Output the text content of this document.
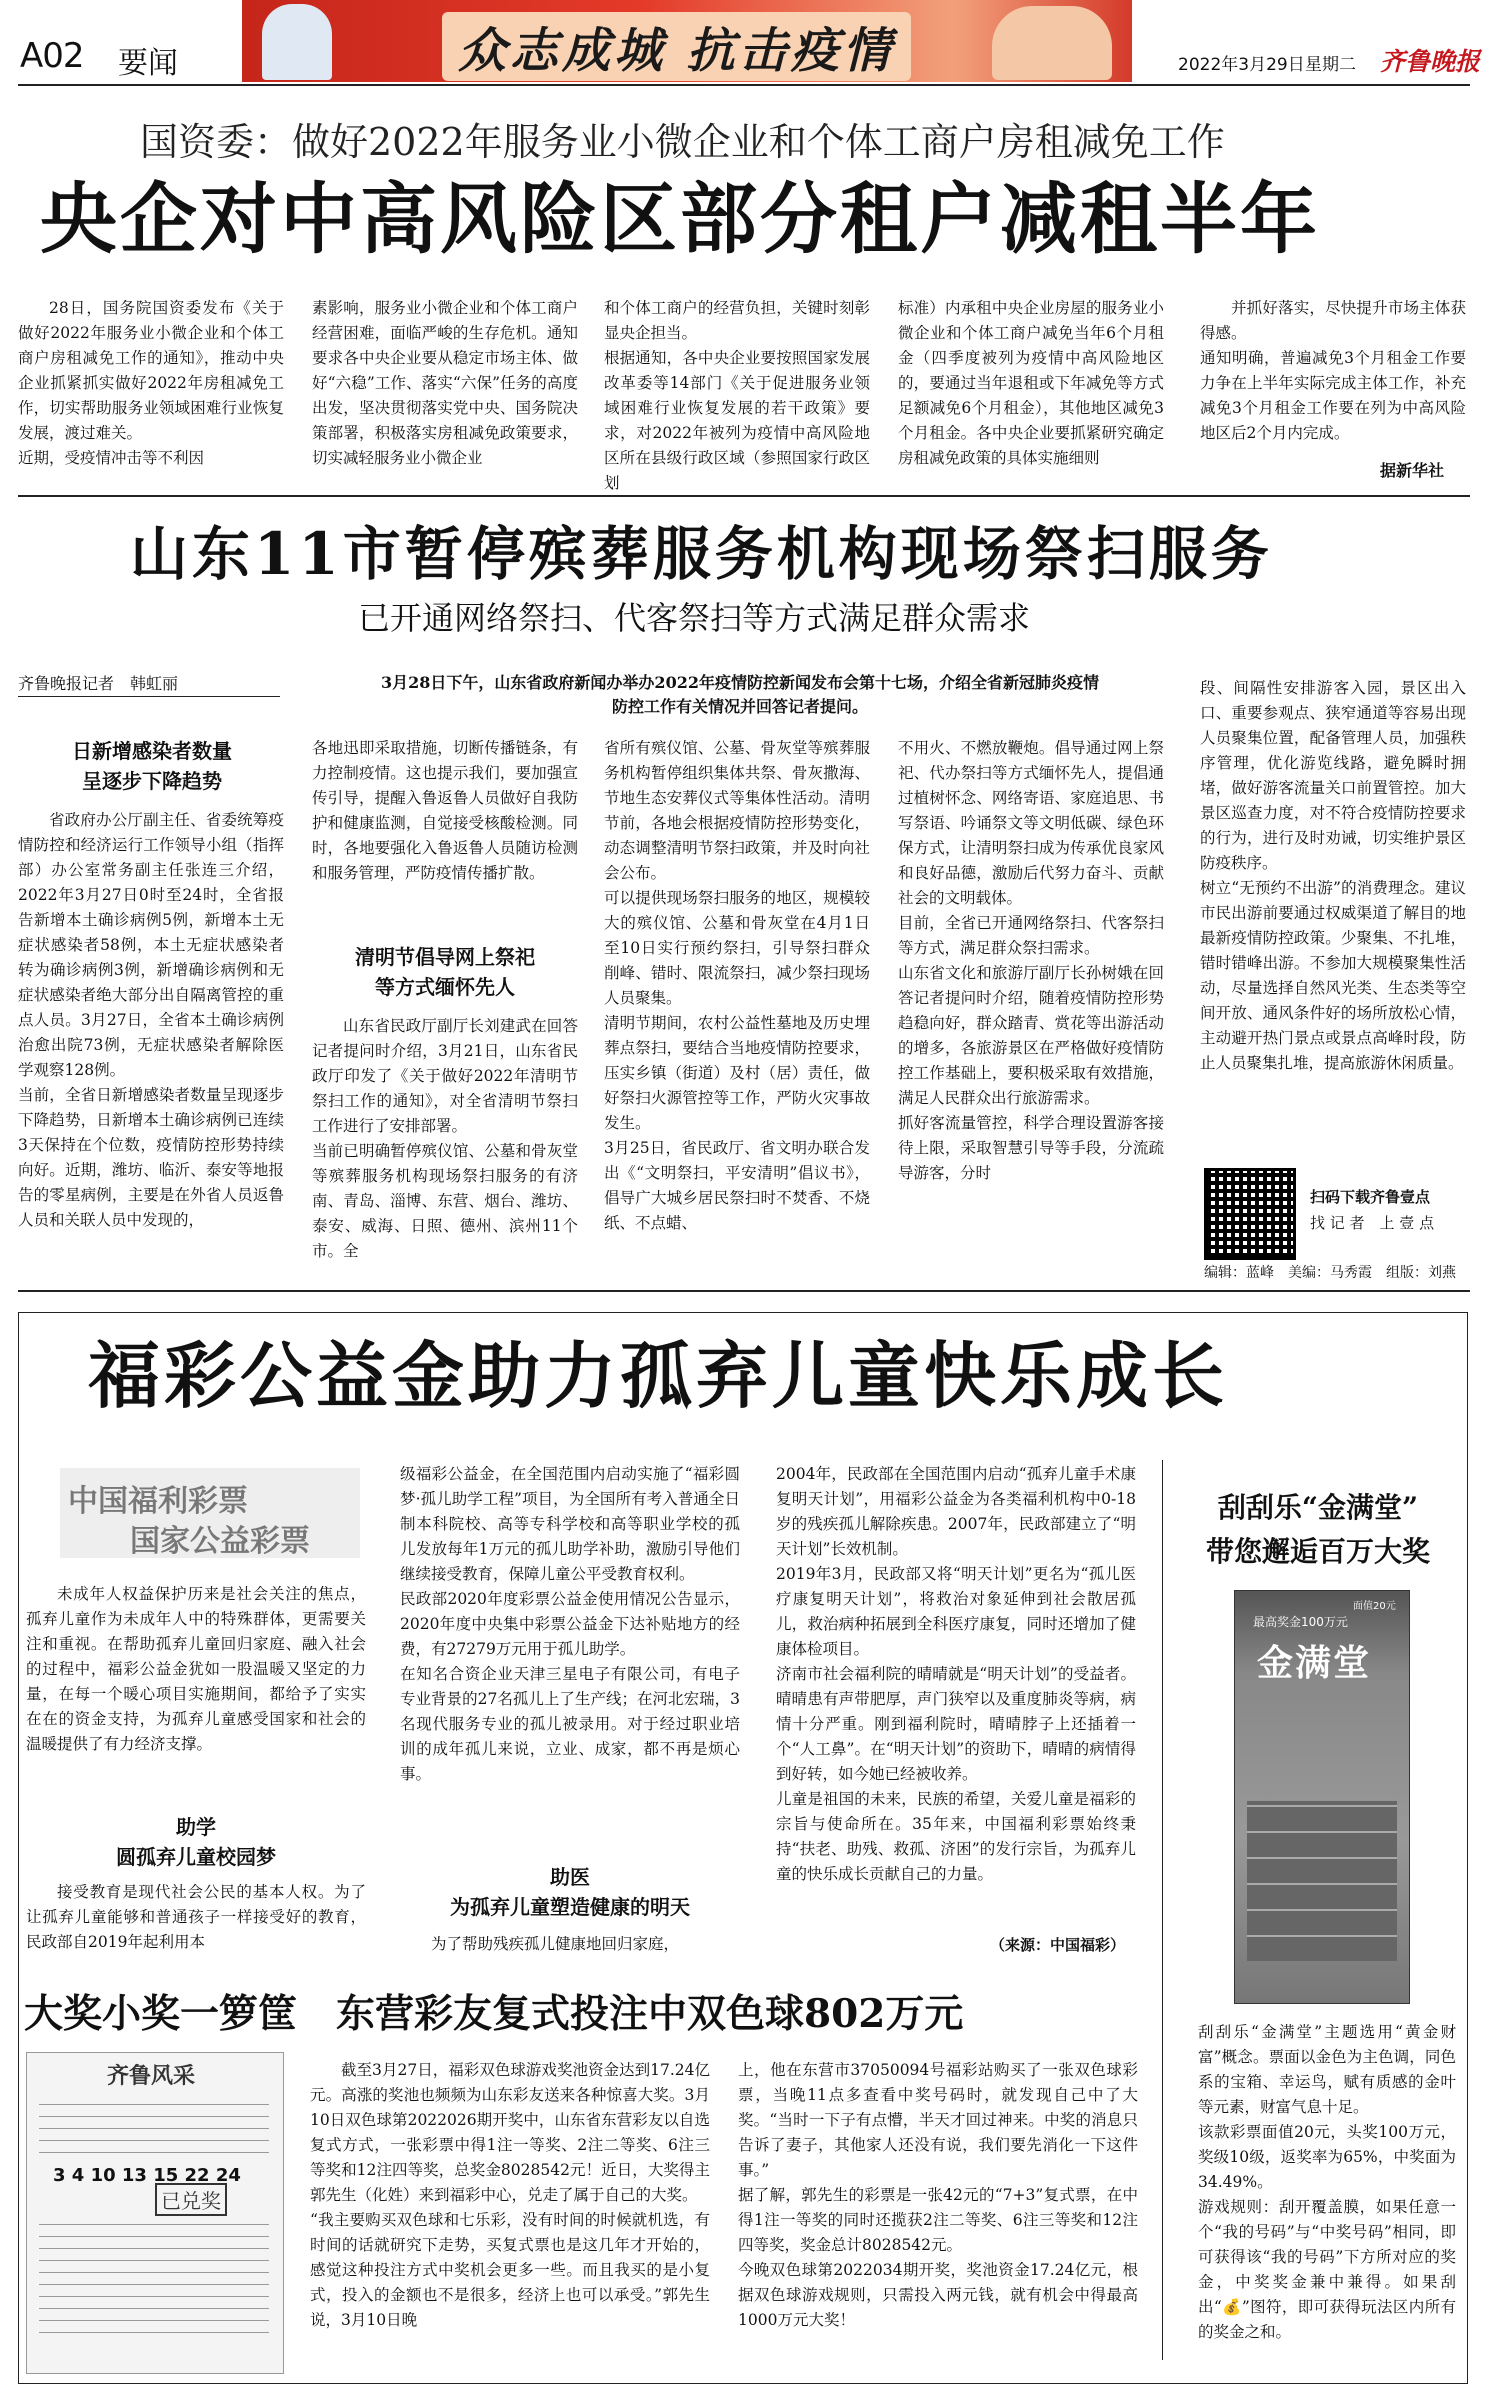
A02 要闻	众志成城 抗击疫情	2022年3月29日 星期二 齐鲁晚报
国资委：做好2022年服务业小微企业和个体工商户房租减免工作
央企对中高风险区部分租户减租半年
28日，国务院国资委发布《关于做好2022年服务业小微企业和个体工商户房租减免工作的通知》，推动中央企业抓紧抓实做好2022年房租减免工作，切实帮助服务业领域困难行业恢复发展，渡过难关。
近期，受疫情冲击等不利因
素影响，服务业小微企业和个体工商户经营困难，面临严峻的生存危机。通知要求各中央企业要从稳定市场主体、做好“六稳”工作、落实“六保”任务的高度出发，坚决贯彻落实党中央、国务院决策部署，积极落实房租减免政策要求，切实减轻服务业小微企业
和个体工商户的经营负担，关键时刻彰显央企担当。
根据通知，各中央企业要按照国家发展改革委等14部门《关于促进服务业领域困难行业恢复发展的若干政策》要求，对2022年被列为疫情中高风险地区所在县级行政区域（参照国家行政区划
标准）内承租中央企业房屋的服务业小微企业和个体工商户减免当年6个月租金（四季度被列为疫情中高风险地区的，要通过当年退租或下年减免等方式足额减免6个月租金），其他地区减免3个月租金。各中央企业要抓紧研究确定房租减免政策的具体实施细则
并抓好落实，尽快提升市场主体获得感。
通知明确，普遍减免3个月租金工作要力争在上半年实际完成主体工作，补充减免3个月租金工作要在列为中高风险地区后2个月内完成。
据新华社
山东11市暂停殡葬服务机构现场祭扫服务
已开通网络祭扫、代客祭扫等方式满足群众需求
齐鲁晚报记者　韩虹丽	3月28日下午，山东省政府新闻办举办2022年疫情防控新闻发布会第十七场，介绍全省新冠肺炎疫情防控工作有关情况并回答记者提问。
日新增感染者数量
呈逐步下降趋势
省政府办公厅副主任、省委统筹疫情防控和经济运行工作领导小组（指挥部）办公室常务副主任张连三介绍，2022年3月27日0时至24时，全省报告新增本土确诊病例5例，新增本土无症状感染者58例，本土无症状感染者转为确诊病例3例，新增确诊病例和无症状感染者绝大部分出自隔离管控的重点人员。3月27日，全省本土确诊病例治愈出院73例，无症状感染者解除医学观察128例。
当前，全省日新增感染者数量呈现逐步下降趋势，日新增本土确诊病例已连续3天保持在个位数，疫情防控形势持续向好。近期，潍坊、临沂、泰安等地报告的零星病例，主要是在外省人员返鲁人员和关联人员中发现的，
各地迅即采取措施，切断传播链条，有力控制疫情。这也提示我们，要加强宣传引导，提醒入鲁返鲁人员做好自我防护和健康监测，自觉接受核酸检测。同时，各地要强化入鲁返鲁人员随访检测和服务管理，严防疫情传播扩散。
清明节倡导网上祭祀
等方式缅怀先人
山东省民政厅副厅长刘建武在回答记者提问时介绍，3月21日，山东省民政厅印发了《关于做好2022年清明节祭扫工作的通知》，对全省清明节祭扫工作进行了安排部署。
当前已明确暂停殡仪馆、公墓和骨灰堂等殡葬服务机构现场祭扫服务的有济南、青岛、淄博、东营、烟台、潍坊、泰安、威海、日照、德州、滨州11个市。全
省所有殡仪馆、公墓、骨灰堂等殡葬服务机构暂停组织集体共祭、骨灰撒海、节地生态安葬仪式等集体性活动。清明节前，各地会根据疫情防控形势变化，动态调整清明节祭扫政策，并及时向社会公布。
可以提供现场祭扫服务的地区，规模较大的殡仪馆、公墓和骨灰堂在4月1日至10日实行预约祭扫，引导祭扫群众削峰、错时、限流祭扫，减少祭扫现场人员聚集。
清明节期间，农村公益性墓地及历史埋葬点祭扫，要结合当地疫情防控要求，压实乡镇（街道）及村（居）责任，做好祭扫火源管控等工作，严防火灾事故发生。
3月25日，省民政厅、省文明办联合发出《“文明祭扫，平安清明”倡议书》，倡导广大城乡居民祭扫时不焚香、不烧纸、不点蜡、
不用火、不燃放鞭炮。倡导通过网上祭祀、代办祭扫等方式缅怀先人，提倡通过植树怀念、网络寄语、家庭追思、书写祭语、吟诵祭文等文明低碳、绿色环保方式，让清明祭扫成为传承优良家风和良好品德，激励后代努力奋斗、贡献社会的文明载体。
目前，全省已开通网络祭扫、代客祭扫等方式，满足群众祭扫需求。
山东省文化和旅游厅副厅长孙树娥在回答记者提问时介绍，随着疫情防控形势趋稳向好，群众踏青、赏花等出游活动的增多，各旅游景区在严格做好疫情防控工作基础上，要积极采取有效措施，满足人民群众出行旅游需求。
抓好客流量管控，科学合理设置游客接待上限，采取智慧引导等手段，分流疏导游客，分时
段、间隔性安排游客入园，景区出入口、重要参观点、狭窄通道等容易出现人员聚集位置，配备管理人员，加强秩序管理，优化游览线路，避免瞬时拥堵，做好游客流量关口前置管控。加大景区巡查力度，对不符合疫情防控要求的行为，进行及时劝诫，切实维护景区防疫秩序。
树立“无预约不出游”的消费理念。建议市民出游前要通过权威渠道了解目的地最新疫情防控政策。少聚集、不扎堆，错时错峰出游。不参加大规模聚集性活动，尽量选择自然风光类、生态类等空间开放、通风条件好的场所放松心情，主动避开热门景点或景点高峰时段，防止人员聚集扎堆，提高旅游休闲质量。
扫码下载齐鲁壹点
找 记 者　上 壹 点
编辑：蓝峰　美编：马秀霞　组版：刘燕
福彩公益金助力孤弃儿童快乐成长
中国福利彩票
国家公益彩票
未成年人权益保护历来是社会关注的焦点，孤弃儿童作为未成年人中的特殊群体，更需要关注和重视。在帮助孤弃儿童回归家庭、融入社会的过程中，福彩公益金犹如一股温暖又坚定的力量，在每一个暖心项目实施期间，都给予了实实在在的资金支持，为孤弃儿童感受国家和社会的温暖提供了有力经济支撑。
助学
圆孤弃儿童校园梦
接受教育是现代社会公民的基本人权。为了让孤弃儿童能够和普通孩子一样接受好的教育，民政部自2019年起利用本
级福彩公益金，在全国范围内启动实施了“福彩圆梦·孤儿助学工程”项目，为全国所有考入普通全日制本科院校、高等专科学校和高等职业学校的孤儿发放每年1万元的孤儿助学补助，激励引导他们继续接受教育，保障儿童公平受教育权利。
民政部2020年度彩票公益金使用情况公告显示，2020年度中央集中彩票公益金下达补贴地方的经费，有27279万元用于孤儿助学。
在知名合资企业天津三星电子有限公司，有电子专业背景的27名孤儿上了生产线；在河北宏瑞，3名现代服务专业的孤儿被录用。对于经过职业培训的成年孤儿来说，立业、成家，都不再是烦心事。
助医
为孤弃儿童塑造健康的明天
为了帮助残疾孤儿健康地回归家庭，
2004年，民政部在全国范围内启动“孤弃儿童手术康复明天计划”，用福彩公益金为各类福利机构中0-18岁的残疾孤儿解除疾患。2007年，民政部建立了“明天计划”长效机制。
2019年3月，民政部又将“明天计划”更名为“孤儿医疗康复明天计划”，将救治对象延伸到社会散居孤儿，救治病种拓展到全科医疗康复，同时还增加了健康体检项目。
济南市社会福利院的晴晴就是“明天计划”的受益者。晴晴患有声带肥厚，声门狭窄以及重度肺炎等病，病情十分严重。刚到福利院时，晴晴脖子上还插着一个“人工鼻”。在“明天计划”的资助下，晴晴的病情得到好转，如今她已经被收养。
儿童是祖国的未来，民族的希望，关爱儿童是福彩的宗旨与使命所在。35年来，中国福利彩票始终秉持“扶老、助残、救孤、济困”的发行宗旨，为孤弃儿童的快乐成长贡献自己的力量。
（来源：中国福彩）
刮刮乐“金满堂”
带您邂逅百万大奖
最高奖金100万元
面值20元
金满堂
刮刮乐“金满堂”主题选用“黄金财富”概念。票面以金色为主色调，同色系的宝箱、幸运鸟，赋有质感的金叶等元素，财富气息十足。
该款彩票面值20元，头奖100万元，奖级10级，返奖率为65%，中奖面为34.49%。
游戏规则：刮开覆盖膜，如果任意一个“我的号码”与“中奖号码”相同，即可获得该“我的号码”下方所对应的奖金，中奖奖金兼中兼得。如果刮出“💰”图符，即可获得玩法区内所有的奖金之和。
大奖小奖一箩筐　东营彩友复式投注中双色球802万元
齐鲁风采
3 4 10 13 15 22 24
已兑奖
截至3月27日，福彩双色球游戏奖池资金达到17.24亿元。高涨的奖池也频频为山东彩友送来各种惊喜大奖。3月10日双色球第2022026期开奖中，山东省东营彩友以自选复式方式，一张彩票中得1注一等奖、2注二等奖、6注三等奖和12注四等奖，总奖金8028542元！近日，大奖得主郭先生（化姓）来到福彩中心，兑走了属于自己的大奖。
“我主要购买双色球和七乐彩，没有时间的时候就机选，有时间的话就研究下走势，买复式票也是这几年才开始的，感觉这种投注方式中奖机会更多一些。而且我买的是小复式，投入的金额也不是很多，经济上也可以承受。”郭先生说，3月10日晚
上，他在东营市37050094号福彩站购买了一张双色球彩票，当晚11点多查看中奖号码时，就发现自己中了大奖。“当时一下子有点懵，半天才回过神来。中奖的消息只告诉了妻子，其他家人还没有说，我们要先消化一下这件事。”
据了解，郭先生的彩票是一张42元的“7+3”复式票，在中得1注一等奖的同时还揽获2注二等奖、6注三等奖和12注四等奖，奖金总计8028542元。
今晚双色球第2022034期开奖，奖池资金17.24亿元，根据双色球游戏规则，只需投入两元钱，就有机会中得最高1000万元大奖！
